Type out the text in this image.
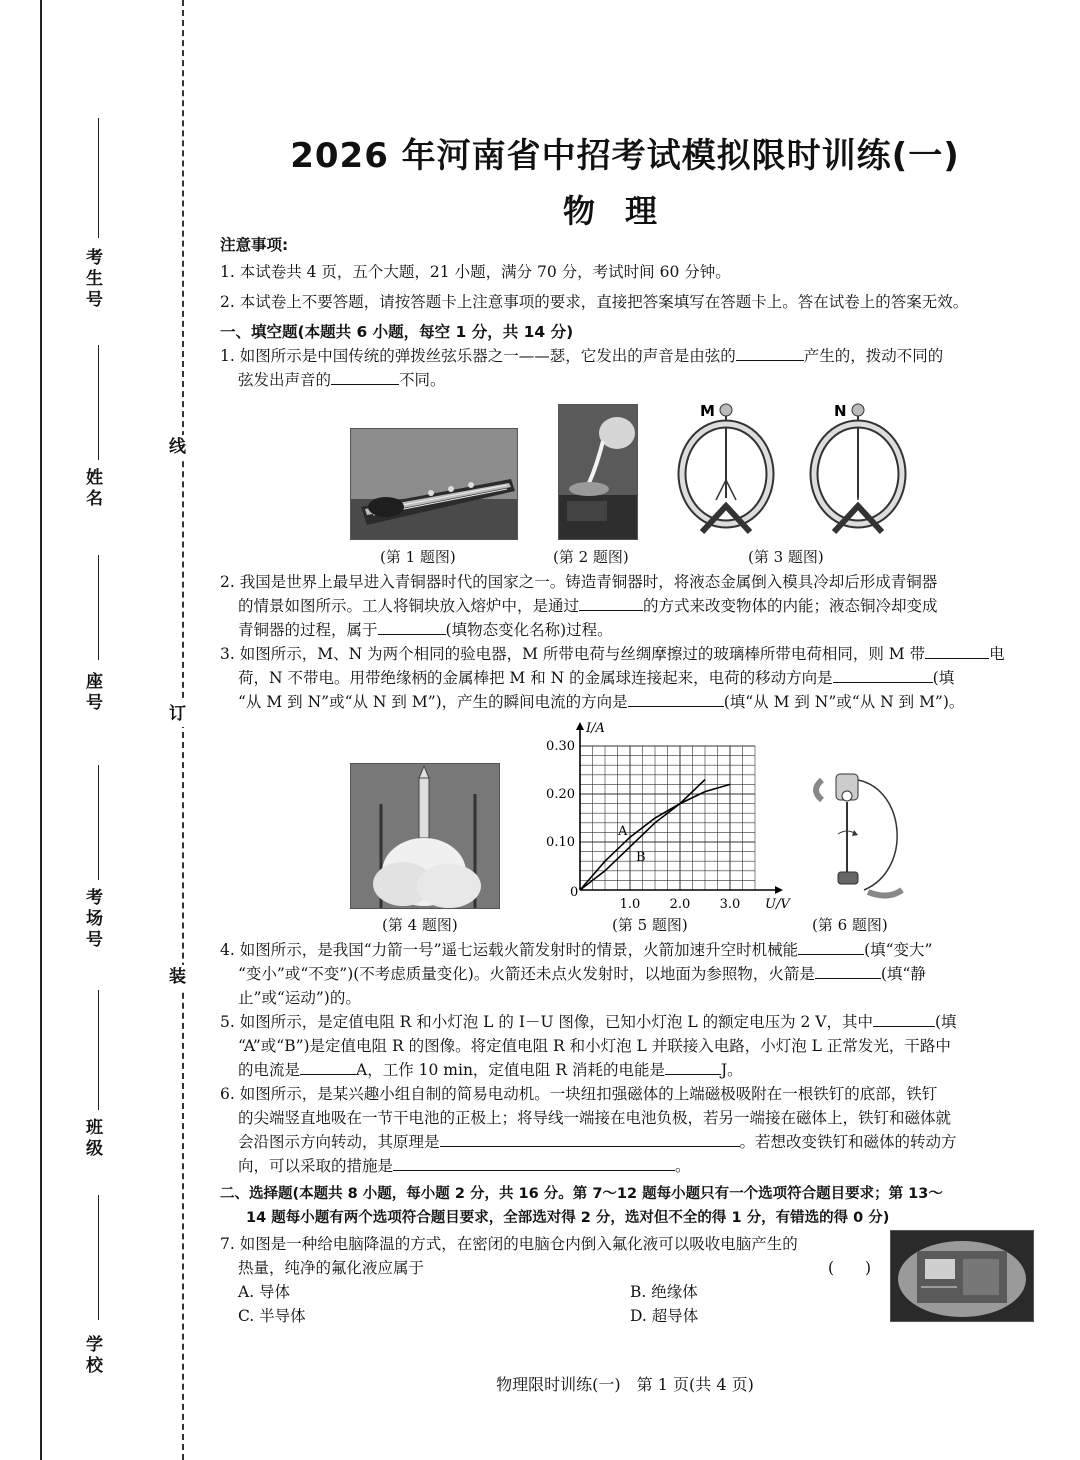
考生号
姓名
座号
考场号
班级
学校
线
订
装
2026 年河南省中招考试模拟限时训练(一)
物理
注意事项:
1. 本试卷共 4 页，五个大题，21 小题，满分 70 分，考试时间 60 分钟。
2. 本试卷上不要答题，请按答题卡上注意事项的要求，直接把答案填写在答题卡上。答在试卷上的答案无效。
一、填空题(本题共 6 小题，每空 1 分，共 14 分)
1. 如图所示是中国传统的弹拨丝弦乐器之一——瑟，它发出的声音是由弦的	产生的，拨动不同的
弦发出声音的	不同。
M	N
(第 1 题图)	(第 2 题图)	(第 3 题图)
2. 我国是世界上最早进入青铜器时代的国家之一。铸造青铜器时，将液态金属倒入模具冷却后形成青铜器
的情景如图所示。工人将铜块放入熔炉中，是通过	的方式来改变物体的内能；液态铜冷却变成
青铜器的过程，属于	(填物态变化名称)过程。
3. 如图所示，M、N 为两个相同的验电器，M 所带电荷与丝绸摩擦过的玻璃棒所带电荷相同，则 M 带	电
荷，N 不带电。用带绝缘柄的金属棒把 M 和 N 的金属球连接起来，电荷的移动方向是	(填
“从 M 到 N”或“从 N 到 M”)，产生的瞬间电流的方向是	(填“从 M 到 N”或“从 N 到 M”)。
1.0 2.0 3.0
0.10
0.20
0.30
0
U/V
I/A
A
B
(第 4 题图)	(第 5 题图)	(第 6 题图)
4. 如图所示，是我国“力箭一号”遥七运载火箭发射时的情景，火箭加速升空时机械能	(填“变大”
“变小”或“不变”)(不考虑质量变化)。火箭还未点火发射时，以地面为参照物，火箭是	(填“静
止”或“运动”)的。
5. 如图所示，是定值电阻 R 和小灯泡 L 的 I－U 图像，已知小灯泡 L 的额定电压为 2 V，其中	(填
“A”或“B”)是定值电阻 R 的图像。将定值电阻 R 和小灯泡 L 并联接入电路，小灯泡 L 正常发光，干路中
的电流是	A，工作 10 min，定值电阻 R 消耗的电能是	J。
6. 如图所示，是某兴趣小组自制的简易电动机。一块纽扣强磁体的上端磁极吸附在一根铁钉的底部，铁钉
的尖端竖直地吸在一节干电池的正极上；将导线一端接在电池负极，若另一端接在磁体上，铁钉和磁体就
会沿图示方向转动，其原理是	。若想改变铁钉和磁体的转动方
向，可以采取的措施是	。
二、选择题(本题共 8 小题，每小题 2 分，共 16 分。第 7～12 题每小题只有一个选项符合题目要求；第 13～
14 题每小题有两个选项符合题目要求，全部选对得 2 分，选对但不全的得 1 分，有错选的得 0 分)
7. 如图是一种给电脑降温的方式，在密闭的电脑仓内倒入氟化液可以吸收电脑产生的
热量，纯净的氟化液应属于	(　　)
A. 导体	B. 绝缘体
C. 半导体	D. 超导体
物理限时训练(一)　第 1 页(共 4 页)
